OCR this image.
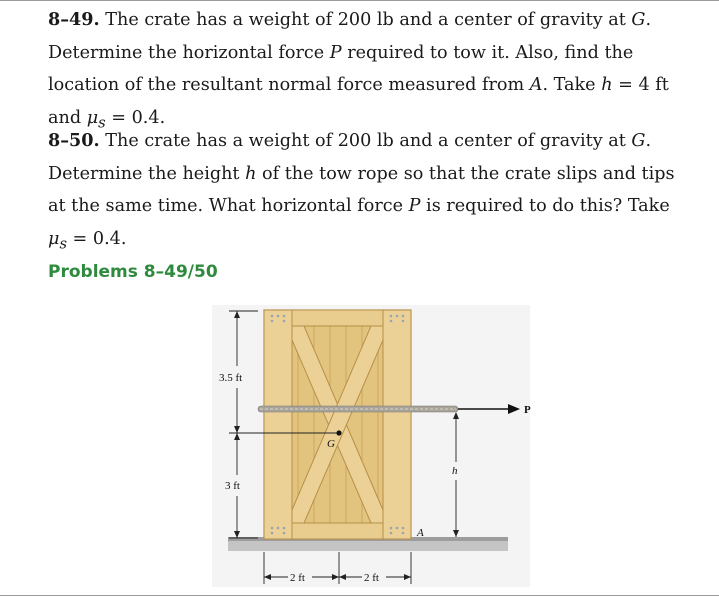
8–49. The crate has a weight of 200 lb and a center of gravity at G. Determine the horizontal force P required to tow it. Also, find the location of the resultant normal force measured from A. Take h = 4 ft and $\mu_s = 0.4$.
8–50. The crate has a weight of 200 lb and a center of gravity at G. Determine the height h of the tow rope so that the crate slips and tips at the same time. What horizontal force P is required to do this? Take $\mu_s = 0.4$.
Problems 8–49/50
P
G
3.5 ft
3 ft
h
A
2 ft	2 ft
